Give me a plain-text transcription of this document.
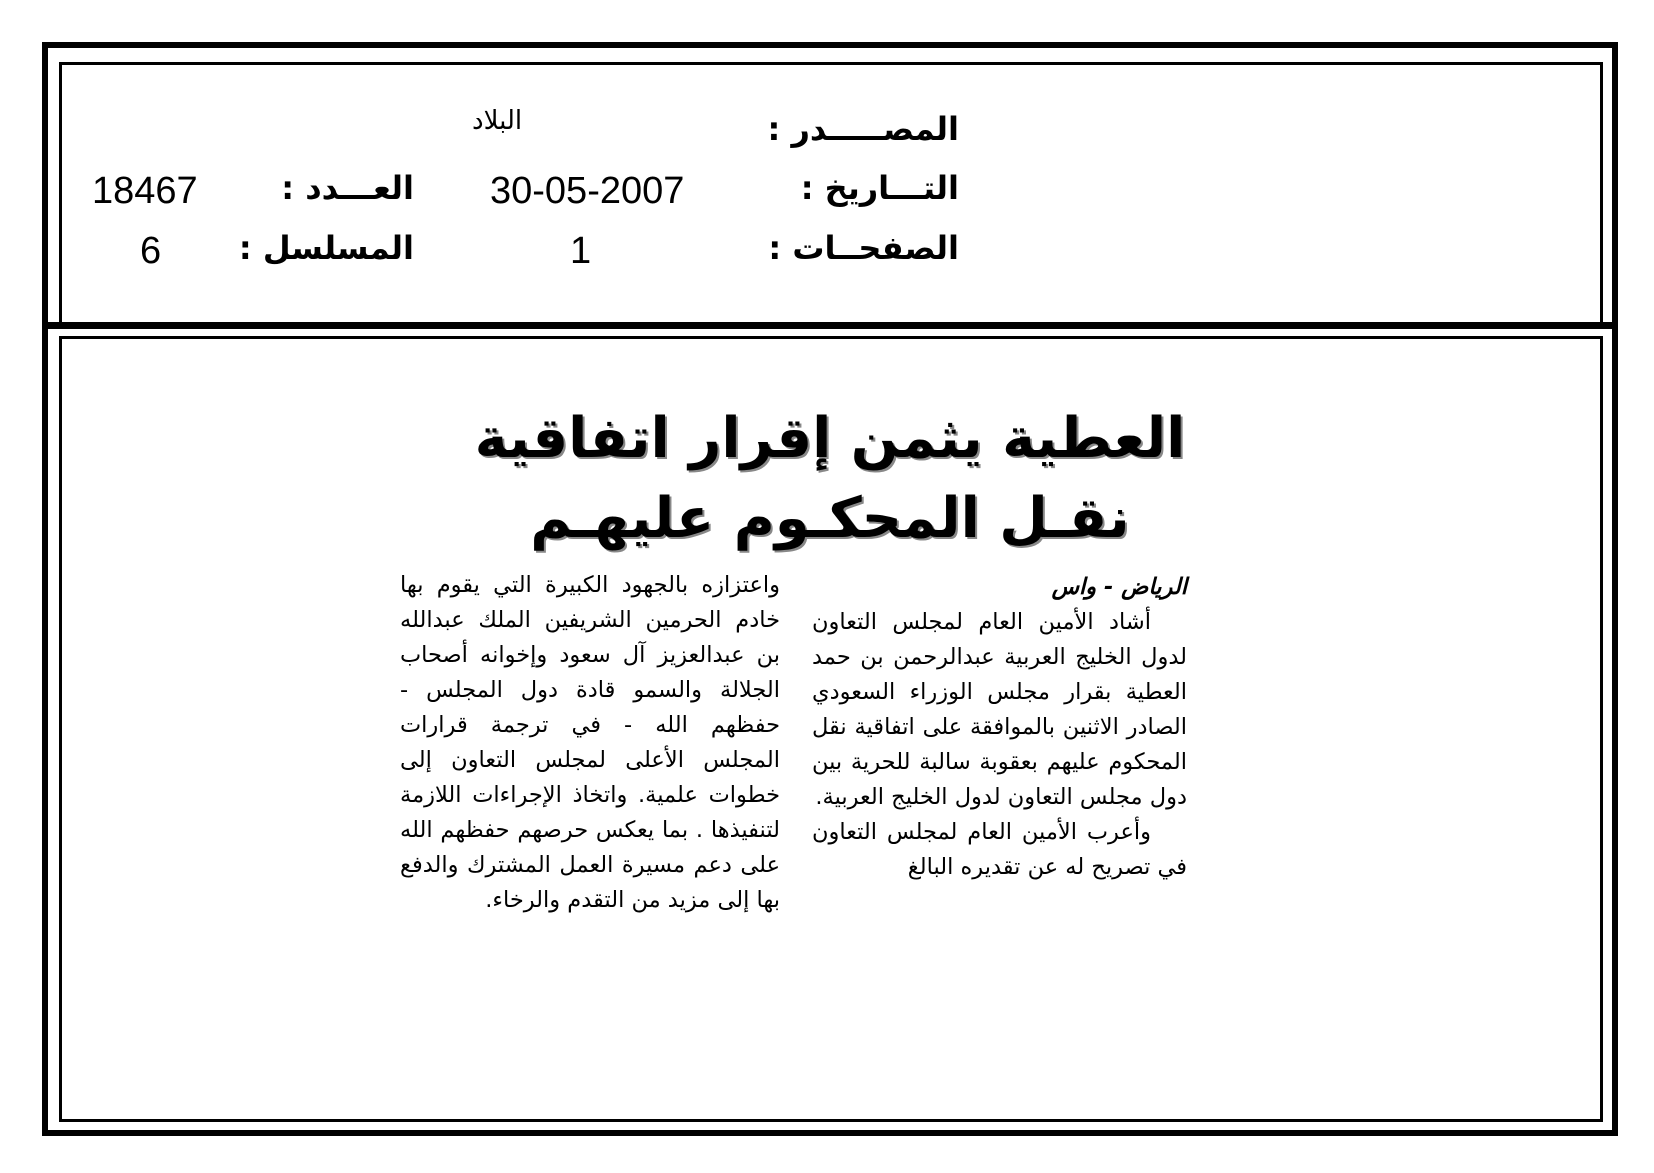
المصـــــدر :
البلاد
التـــاريخ :
30-05-2007
الصفحــات :
1
العـــدد :
18467
المسلسل :
6
العطية يثمن إقرار اتفاقية
نقـل المحكـوم عليهـم

الرياض - واس

أشاد الأمين العام لمجلس التعاون لدول الخليج العربية عبدالرحمن بن حمد العطية بقرار مجلس الوزراء السعودي الصادر الاثنين بالموافقة على اتفاقية نقل المحكوم عليهم بعقوبة سالبة للحرية بين دول مجلس التعاون لدول الخليج العربية.

وأعرب الأمين العام لمجلس التعاون في تصريح له عن تقديره البالغ

واعتزازه بالجهود الكبيرة التي يقوم بها خادم الحرمين الشريفين الملك عبدالله بن عبدالعزيز آل سعود وإخوانه أصحاب الجلالة والسمو قادة دول المجلس - حفظهم الله - في ترجمة قرارات المجلس الأعلى لمجلس التعاون إلى خطوات علمية. واتخاذ الإجراءات اللازمة لتنفيذها . بما يعكس حرصهم حفظهم الله على دعم مسيرة العمل المشترك والدفع بها إلى مزيد من التقدم والرخاء.
